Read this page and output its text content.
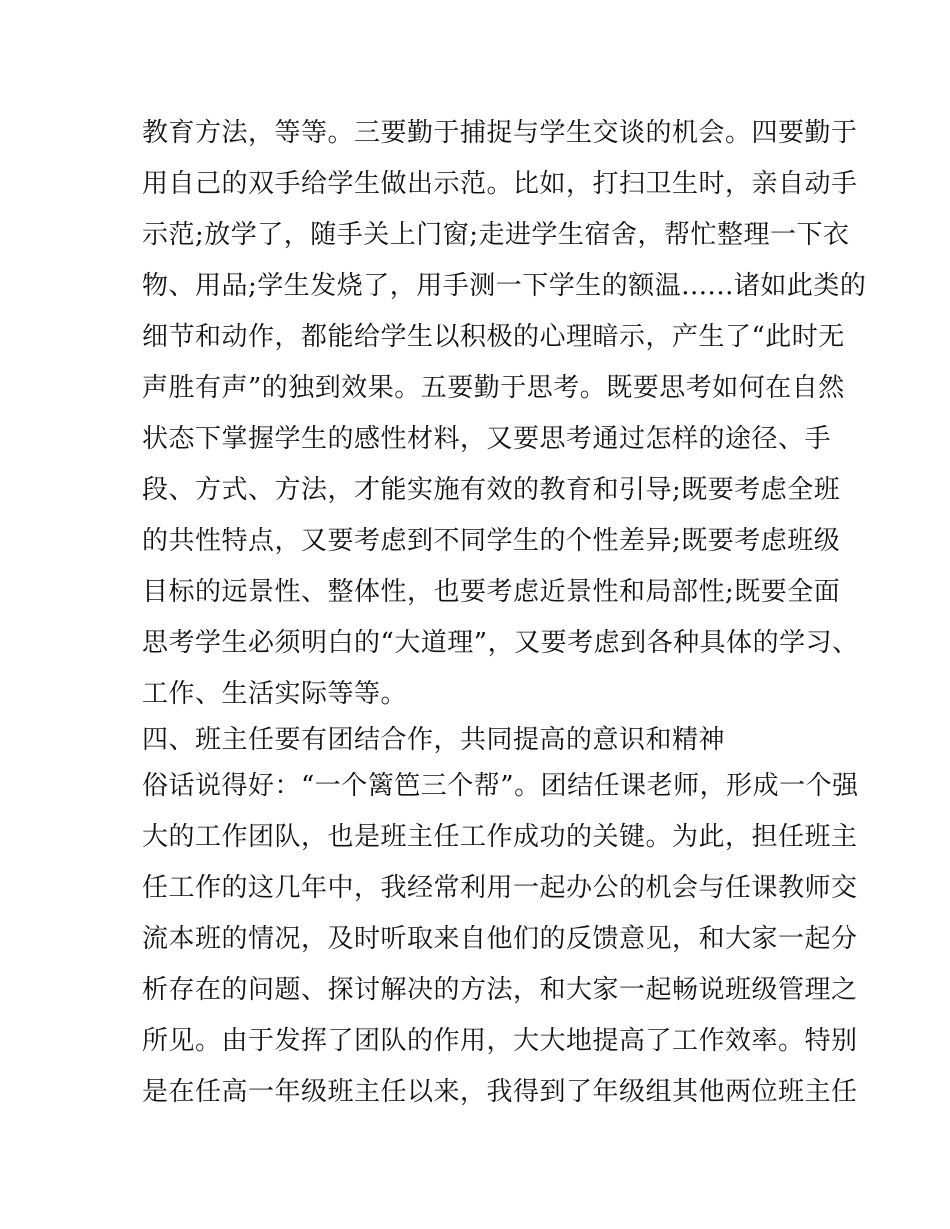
教育方法，等等。三要勤于捕捉与学生交谈的机会。四要勤于
用自己的双手给学生做出示范。比如，打扫卫生时，亲自动手
示范;放学了，随手关上门窗;走进学生宿舍，帮忙整理一下衣
物、用品;学生发烧了，用手测一下学生的额温......诸如此类的
细节和动作，都能给学生以积极的心理暗示，产生了“此时无
声胜有声”的独到效果。五要勤于思考。既要思考如何在自然
状态下掌握学生的感性材料，又要思考通过怎样的途径、手
段、方式、方法，才能实施有效的教育和引导;既要考虑全班
的共性特点，又要考虑到不同学生的个性差异;既要考虑班级
目标的远景性、整体性，也要考虑近景性和局部性;既要全面
思考学生必须明白的“大道理”，又要考虑到各种具体的学习、
工作、生活实际等等。
四、班主任要有团结合作，共同提高的意识和精神
俗话说得好：“一个篱笆三个帮”。团结任课老师，形成一个强
大的工作团队，也是班主任工作成功的关键。为此，担任班主
任工作的这几年中，我经常利用一起办公的机会与任课教师交
流本班的情况，及时听取来自他们的反馈意见，和大家一起分
析存在的问题、探讨解决的方法，和大家一起畅说班级管理之
所见。由于发挥了团队的作用，大大地提高了工作效率。特别
是在任高一年级班主任以来，我得到了年级组其他两位班主任
